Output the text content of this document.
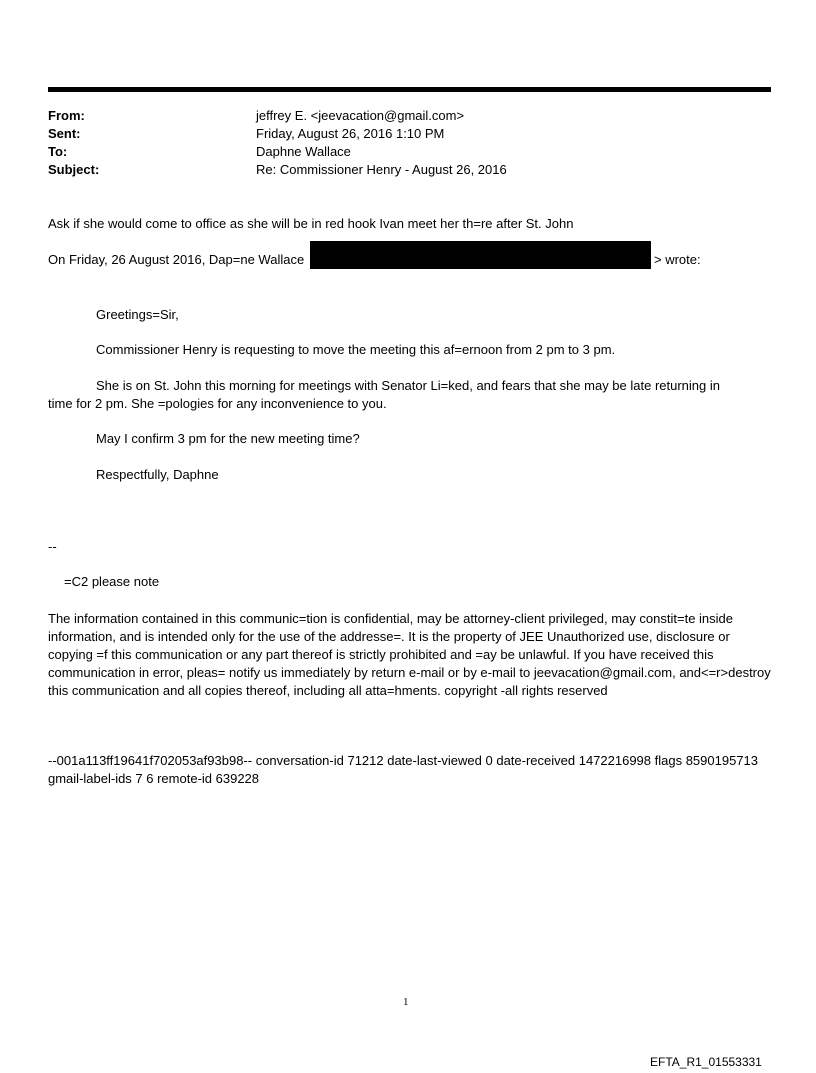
From:	jeffrey E. <jeevacation@gmail.com>
Sent:	Friday, August 26, 2016 1:10 PM
To:	Daphne Wallace
Subject:	Re: Commissioner Henry - August 26, 2016
Ask if she would come to office as she will be in red hook Ivan meet her th=re after St. John
On Friday, 26 August 2016, Dap=ne Wallace	> wrote:
Greetings=Sir,
Commissioner Henry is requesting to move the meeting this af=ernoon from 2 pm to 3 pm.
She is on St. John this morning for meetings with Senator Li=ked, and fears that she may be late returning in
time for 2 pm. She =pologies for any inconvenience to you.
May I confirm 3 pm for the new meeting time?
Respectfully, Daphne
--
=C2 please note
The information contained in this communic=tion is confidential, may be attorney-client privileged, may constit=te inside information, and is intended only for the use of the addresse=. It is the property of JEE Unauthorized use, disclosure or copying =f this communication or any part thereof is strictly prohibited and =ay be unlawful. If you have received this communication in error, pleas= notify us immediately by return e-mail or by e-mail to jeevacation@gmail.com, and<=r>destroy this communication and all copies thereof, including all atta=hments. copyright -all rights reserved
--001a113ff19641f702053af93b98-- conversation-id 71212 date-last-viewed 0 date-received 1472216998 flags 8590195713 gmail-label-ids 7 6 remote-id 639228
1
EFTA_R1_01553331
